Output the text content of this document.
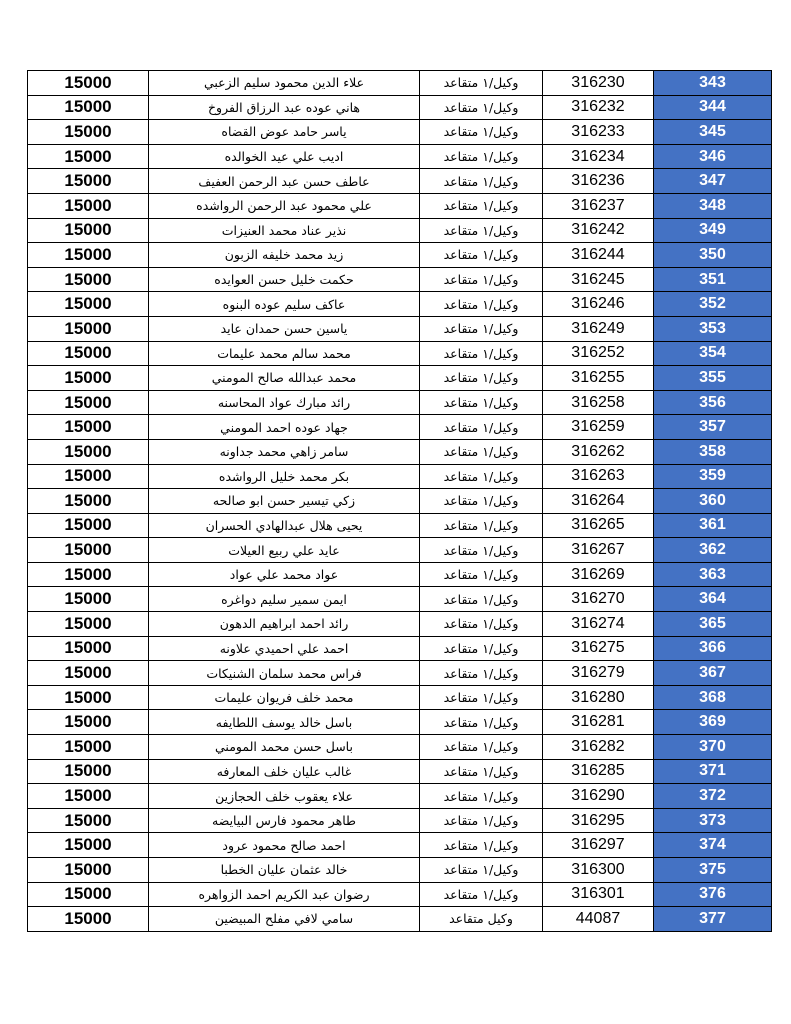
15000	علاء الدين محمود سليم الزعبي	وكيل/١ متقاعد	316230	343
15000	هاني عوده عبد الرزاق الفروخ	وكيل/١ متقاعد	316232	344
15000	ياسر حامد عوض القضاه	وكيل/١ متقاعد	316233	345
15000	اديب علي عيد الخوالده	وكيل/١ متقاعد	316234	346
15000	عاطف حسن عبد الرحمن العفيف	وكيل/١ متقاعد	316236	347
15000	علي محمود عبد الرحمن الرواشده	وكيل/١ متقاعد	316237	348
15000	نذير عناد محمد العنيزات	وكيل/١ متقاعد	316242	349
15000	زيد محمد خليفه الزبون	وكيل/١ متقاعد	316244	350
15000	حكمت خليل حسن العوايده	وكيل/١ متقاعد	316245	351
15000	عاكف سليم عوده البنوه	وكيل/١ متقاعد	316246	352
15000	ياسين حسن حمدان عايد	وكيل/١ متقاعد	316249	353
15000	محمد سالم محمد عليمات	وكيل/١ متقاعد	316252	354
15000	محمد عبدالله صالح المومني	وكيل/١ متقاعد	316255	355
15000	رائد مبارك عواد المحاسنه	وكيل/١ متقاعد	316258	356
15000	جهاد عوده احمد المومني	وكيل/١ متقاعد	316259	357
15000	سامر زاهي محمد جداونه	وكيل/١ متقاعد	316262	358
15000	بكر محمد خليل الرواشده	وكيل/١ متقاعد	316263	359
15000	زكي تيسير حسن ابو صالحه	وكيل/١ متقاعد	316264	360
15000	يحيى هلال عبدالهادي الحسران	وكيل/١ متقاعد	316265	361
15000	عايد علي ربيع العيلات	وكيل/١ متقاعد	316267	362
15000	عواد محمد علي عواد	وكيل/١ متقاعد	316269	363
15000	ايمن سمير سليم دواغره	وكيل/١ متقاعد	316270	364
15000	رائد احمد ابراهيم الدهون	وكيل/١ متقاعد	316274	365
15000	احمد علي احميدي علاونه	وكيل/١ متقاعد	316275	366
15000	فراس محمد سلمان الشنيكات	وكيل/١ متقاعد	316279	367
15000	محمد خلف فريوان عليمات	وكيل/١ متقاعد	316280	368
15000	باسل خالد يوسف اللطايفه	وكيل/١ متقاعد	316281	369
15000	باسل حسن محمد المومني	وكيل/١ متقاعد	316282	370
15000	غالب عليان خلف المعارفه	وكيل/١ متقاعد	316285	371
15000	علاء يعقوب خلف الحجازين	وكيل/١ متقاعد	316290	372
15000	طاهر محمود فارس البيايضه	وكيل/١ متقاعد	316295	373
15000	احمد صالح محمود عرود	وكيل/١ متقاعد	316297	374
15000	خالد عثمان عليان الخطبا	وكيل/١ متقاعد	316300	375
15000	رضوان عبد الكريم احمد الزواهره	وكيل/١ متقاعد	316301	376
15000	سامي لافي مفلح المبيضين	وكيل متقاعد	44087	377
